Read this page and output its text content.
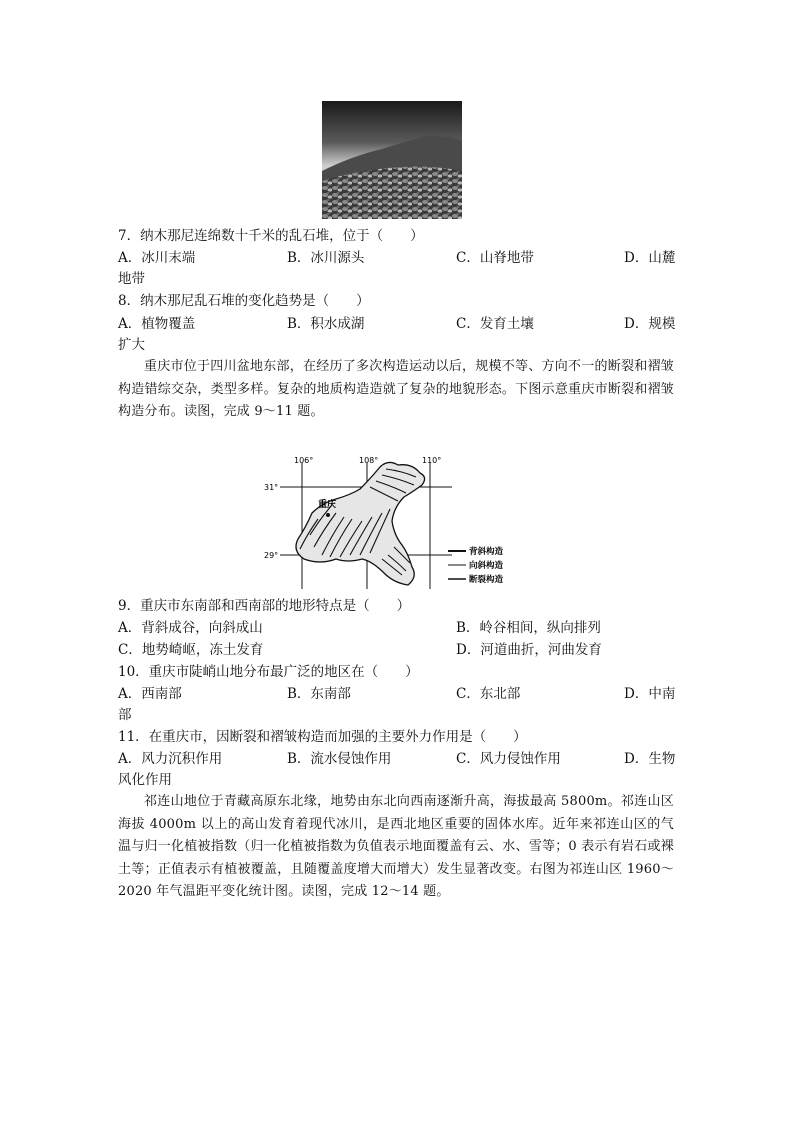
7．纳木那尼连绵数十千米的乱石堆，位于（　　）
A．冰川末端	B．冰川源头	C．山脊地带	D．山麓
地带
8．纳木那尼乱石堆的变化趋势是（　　）
A．植物覆盖	B．积水成湖	C．发育土壤	D．规模
扩大
重庆市位于四川盆地东部，在经历了多次构造运动以后，规模不等、方向不一的断裂和褶皱构造错综交杂，类型多样。复杂的地质构造造就了复杂的地貌形态。下图示意重庆市断裂和褶皱构造分布。读图，完成 9～11 题。
106°	108°	110°
31°
29°
重庆
背斜构造
向斜构造
断裂构造
9．重庆市东南部和西南部的地形特点是（　　）
A．背斜成谷，向斜成山	B．岭谷相间，纵向排列
C．地势崎岖，冻土发育	D．河道曲折，河曲发育
10．重庆市陡峭山地分布最广泛的地区在（　　）
A．西南部	B．东南部	C．东北部	D．中南
部
11．在重庆市，因断裂和褶皱构造而加强的主要外力作用是（　　）
A．风力沉积作用	B．流水侵蚀作用	C．风力侵蚀作用	D．生物
风化作用
祁连山地位于青藏高原东北缘，地势由东北向西南逐渐升高，海拔最高 5800m。祁连山区海拔 4000m 以上的高山发育着现代冰川，是西北地区重要的固体水库。近年来祁连山区的气温与归一化植被指数（归一化植被指数为负值表示地面覆盖有云、水、雪等；0 表示有岩石或裸土等；正值表示有植被覆盖，且随覆盖度增大而增大）发生显著改变。右图为祁连山区 1960～2020 年气温距平变化统计图。读图，完成 12～14 题。
